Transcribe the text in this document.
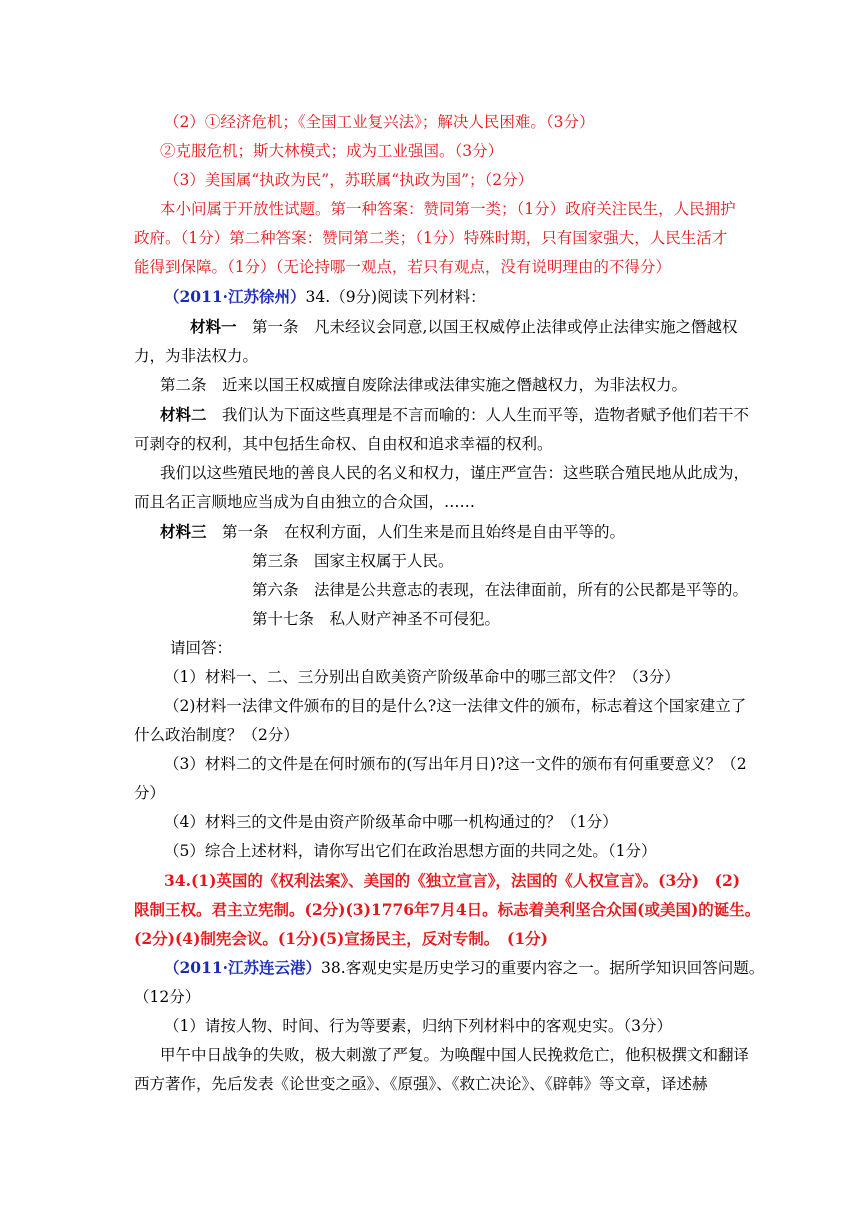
（2）①经济危机；《全国工业复兴法》；解决人民困难。（3分）

②克服危机；斯大林模式；成为工业强国。（3分）

（3）美国属“执政为民”，苏联属“执政为国”；（2分）

本小问属于开放性试题。第一种答案：赞同第一类；（1分）政府关注民生，人民拥护

政府。（1分）第二种答案：赞同第二类；（1分）特殊时期，只有国家强大，人民生活才

能得到保障。（1分）（无论持哪一观点，若只有观点，没有说明理由的不得分）

（2011·江苏徐州）34.（9分)阅读下列材料：

材料一　第一条　凡未经议会同意,以国王权威停止法律或停止法律实施之僭越权

力，为非法权力。

第二条　近来以国王权威擅自废除法律或法律实施之僭越权力，为非法权力。

材料二　我们认为下面这些真理是不言而喻的：人人生而平等，造物者赋予他们若干不

可剥夺的权利，其中包括生命权、自由权和追求幸福的权利。

我们以这些殖民地的善良人民的名义和权力，谨庄严宣告：这些联合殖民地从此成为，

而且名正言顺地应当成为自由独立的合众国，……

材料三　第一条　在权利方面，人们生来是而且始终是自由平等的。

第三条　国家主权属于人民。

第六条　法律是公共意志的表现，在法律面前，所有的公民都是平等的。

第十七条　私人财产神圣不可侵犯。

请回答：

（1）材料一、二、三分别出自欧美资产阶级革命中的哪三部文件？（3分）

（2)材料一法律文件颁布的目的是什么?这一法律文件的颁布，标志着这个国家建立了

什么政治制度？（2分）

（3）材料二的文件是在何时颁布的(写出年月日)?这一文件的颁布有何重要意义？（2

分）

（4）材料三的文件是由资产阶级革命中哪一机构通过的？（1分）

（5）综合上述材料，请你写出它们在政治思想方面的共同之处。（1分）

34.(1)英国的《权利法案》、美国的《独立宣言》，法国的《人权宣言》。(3分)　(2)

限制王权。君主立宪制。(2分)(3)1776年7月4日。标志着美利坚合众国(或美国)的诞生。

(2分)(4)制宪会议。(1分)(5)宣扬民主，反对专制。　(1分)

（2011·江苏连云港）38.客观史实是历史学习的重要内容之一。据所学知识回答问题。

（12分）

（1）请按人物、时间、行为等要素，归纳下列材料中的客观史实。（3分）

甲午中日战争的失败，极大刺激了严复。为唤醒中国人民挽救危亡，他积极撰文和翻译

西方著作，先后发表《论世变之亟》、《原强》、《救亡决论》、《辟韩》等文章，译述赫
